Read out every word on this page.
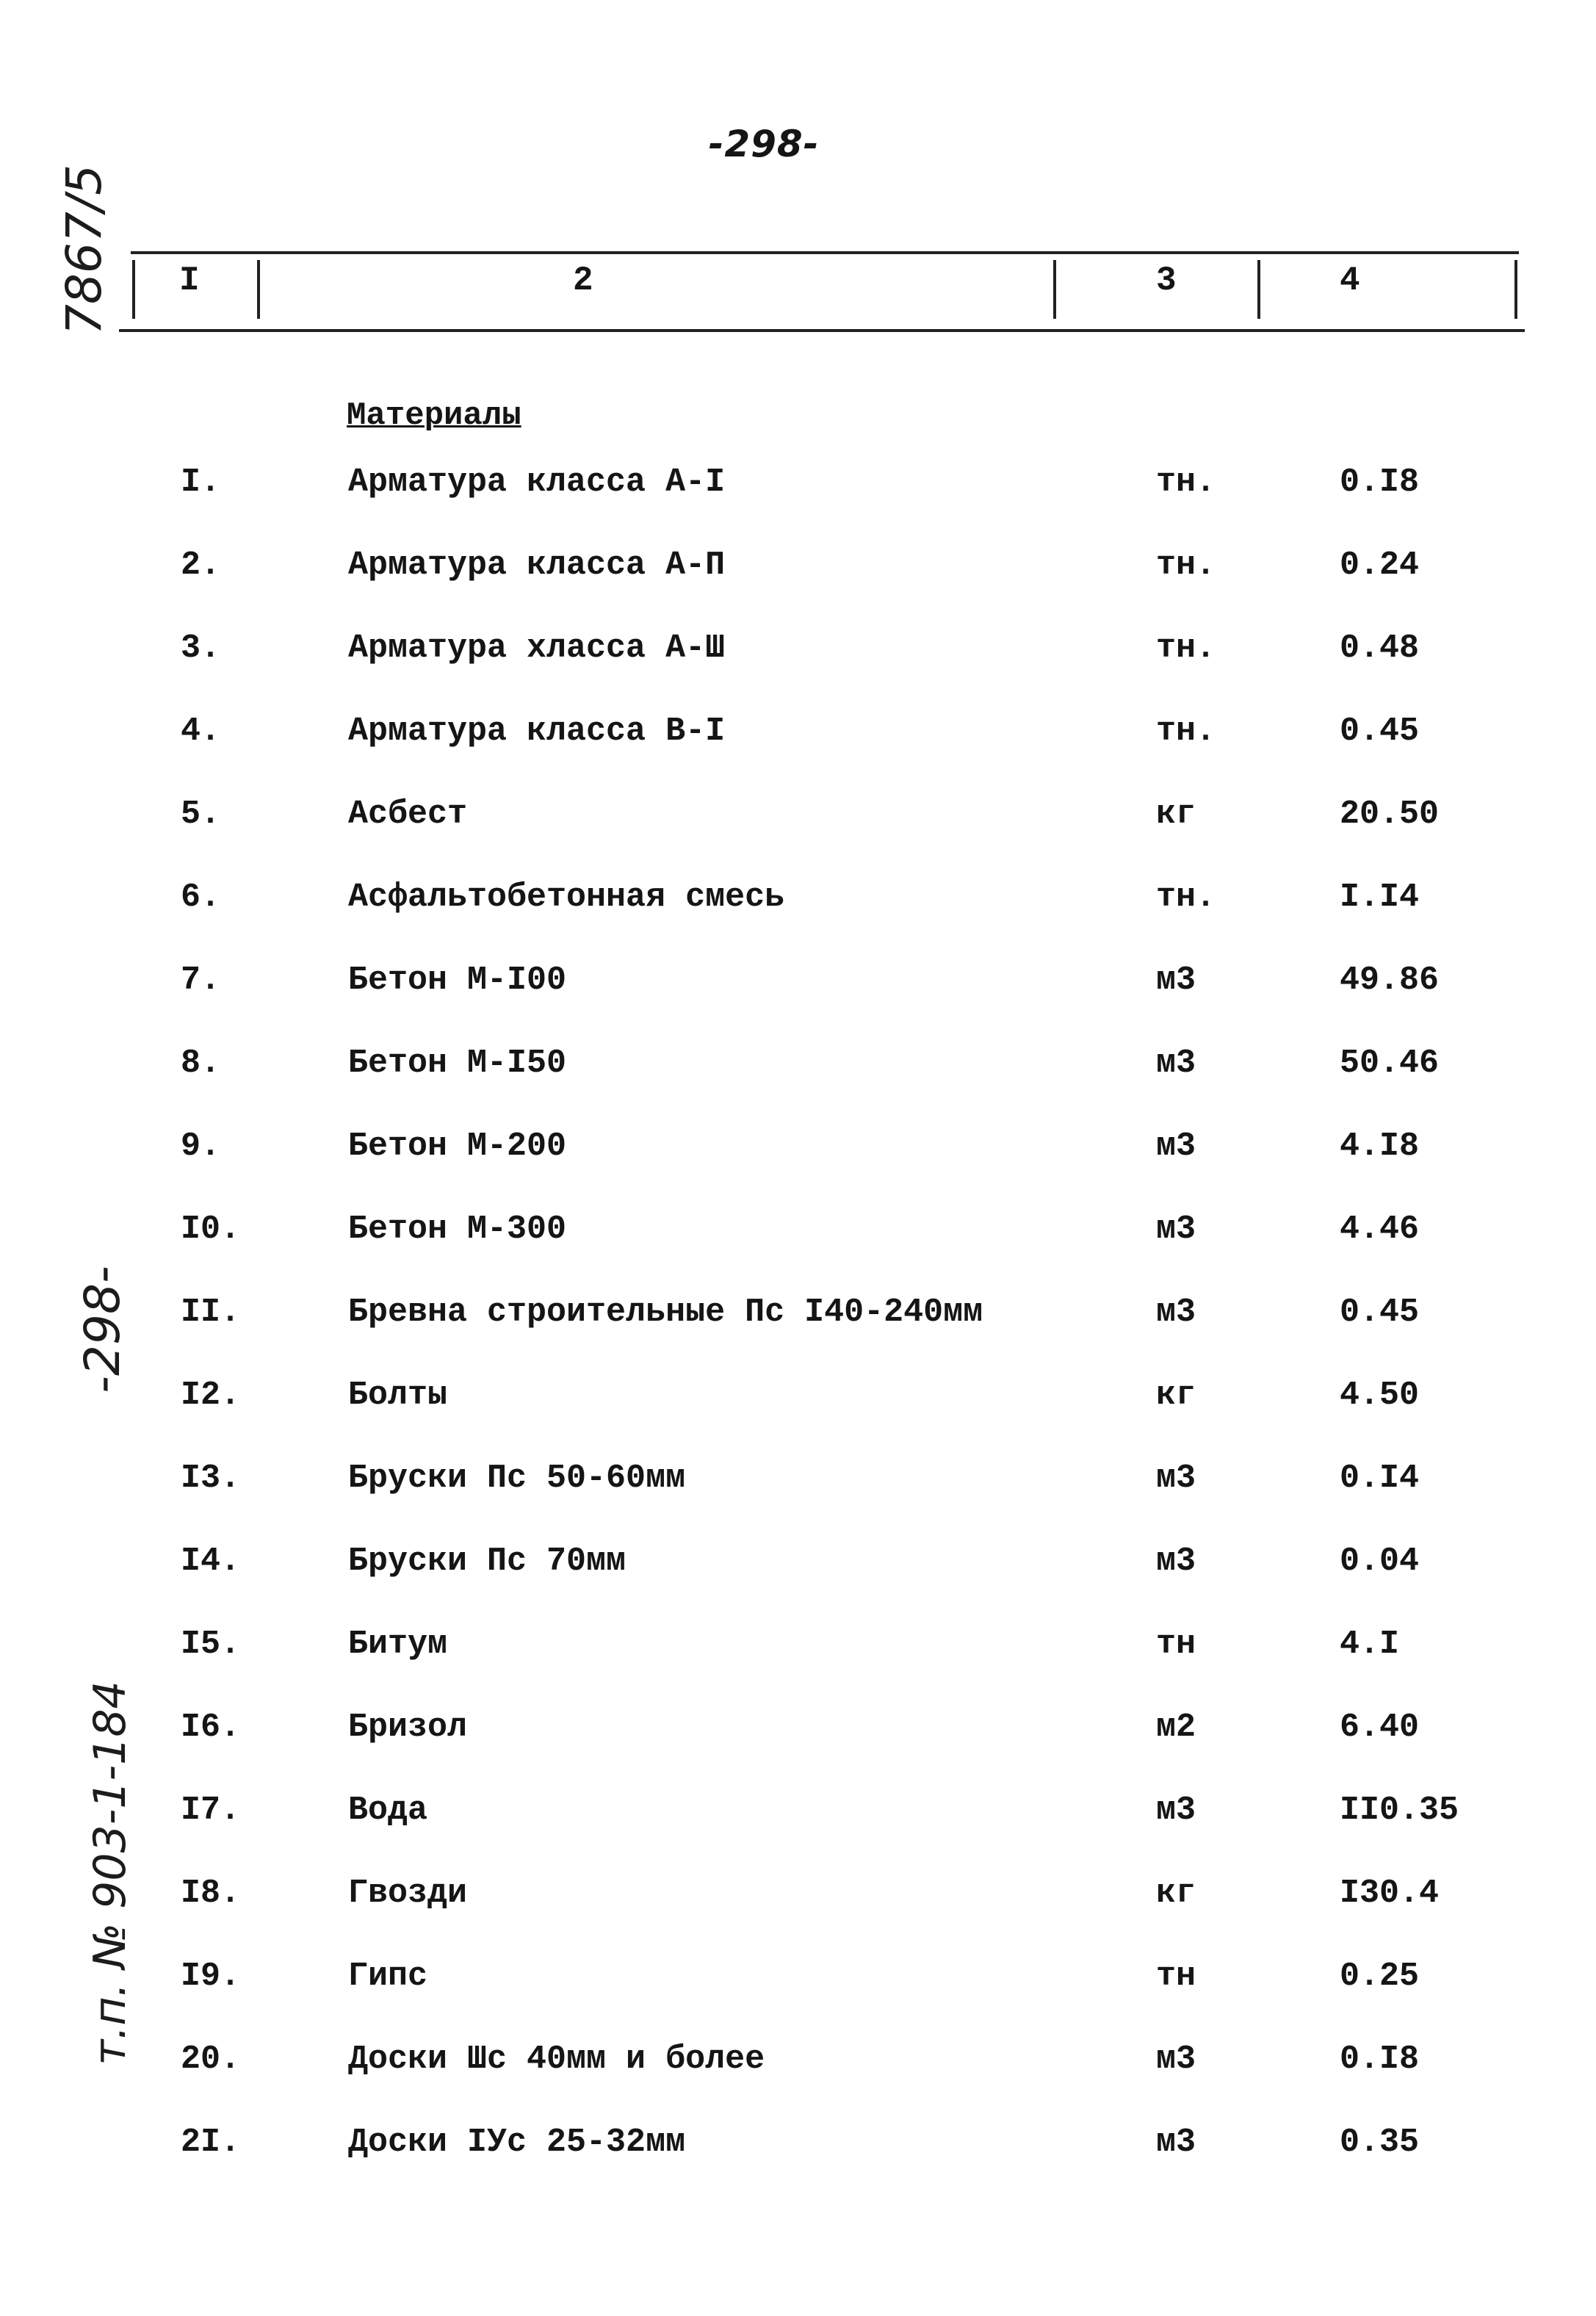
-298-
7867/5
-298-
т.п. № 903-1-184
I	2	3	4
Материалы
I.	Арматура класса А-I	тн.	0.I8
2.	Арматура класса А-П	тн.	0.24
3.	Арматура хласса А-Ш	тн.	0.48
4.	Арматура класса В-I	тн.	0.45
5.	Асбест	кг	20.50
6.	Асфальтобетонная смесь	тн.	I.I4
7.	Бетон М-I00	м3	49.86
8.	Бетон М-I50	м3	50.46
9.	Бетон М-200	м3	4.I8
I0.	Бетон М-300	м3	4.46
II.	Бревна строительные Пс I40-240мм	м3	0.45
I2.	Болты	кг	4.50
I3.	Бруски Пс 50-60мм	м3	0.I4
I4.	Бруски Пс 70мм	м3	0.04
I5.	Битум	тн	4.I
I6.	Бризол	м2	6.40
I7.	Вода	м3	II0.35
I8.	Гвозди	кг	I30.4
I9.	Гипс	тн	0.25
20.	Доски Шс 40мм и более	м3	0.I8
2I.	Доски IУс 25-32мм	м3	0.35
